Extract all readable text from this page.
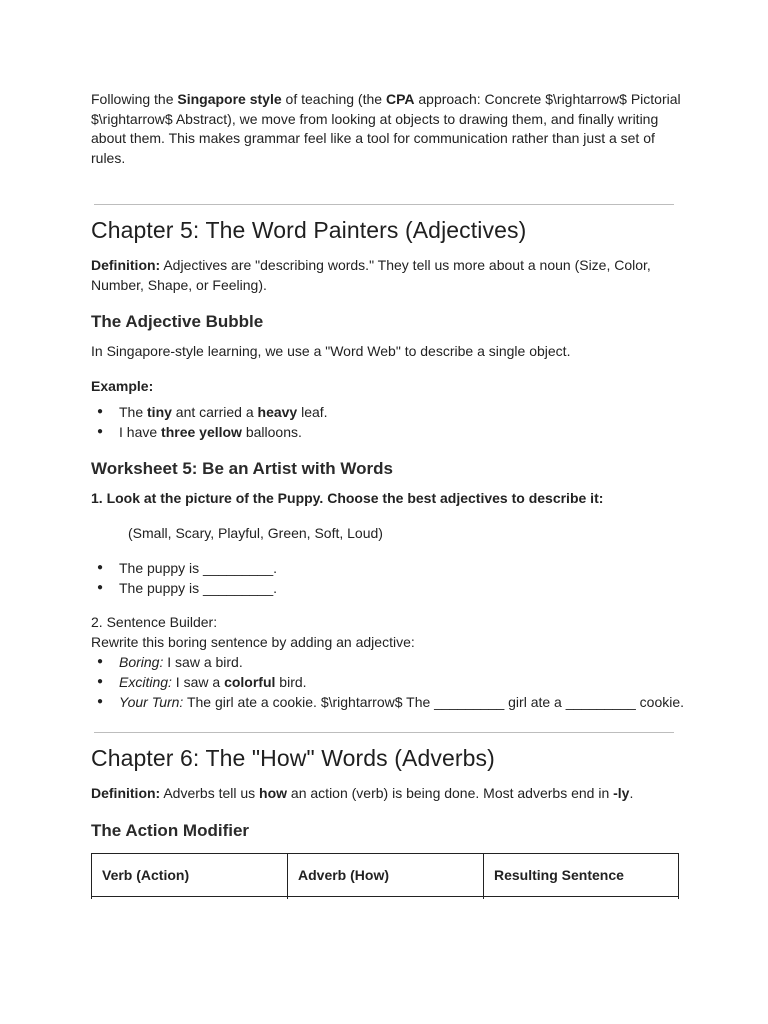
Following the Singapore style of teaching (the CPA approach: Concrete $\rightarrow$ Pictorial $\rightarrow$ Abstract), we move from looking at objects to drawing them, and finally writing about them. This makes grammar feel like a tool for communication rather than just a set of rules.

Chapter 5: The Word Painters (Adjectives)

Definition: Adjectives are "describing words." They tell us more about a noun (Size, Color, Number, Shape, or Feeling).

The Adjective Bubble

In Singapore-style learning, we use a "Word Web" to describe a single object.

Example:

● The tiny ant carried a heavy leaf.
● I have three yellow balloons.
Worksheet 5: Be an Artist with Words

1. Look at the picture of the Puppy. Choose the best adjectives to describe it:

(Small, Scary, Playful, Green, Soft, Loud)

● The puppy is _________.
● The puppy is _________.

2. Sentence Builder:

Rewrite this boring sentence by adding an adjective:

● Boring: I saw a bird.
● Exciting: I saw a colorful bird.
● Your Turn: The girl ate a cookie. $\rightarrow$ The _________ girl ate a _________ cookie.
Chapter 6: The "How" Words (Adverbs)

Definition: Adverbs tell us how an action (verb) is being done. Most adverbs end in -ly.

The Action Modifier
Verb (Action)	Adverb (How)	Resulting Sentence
